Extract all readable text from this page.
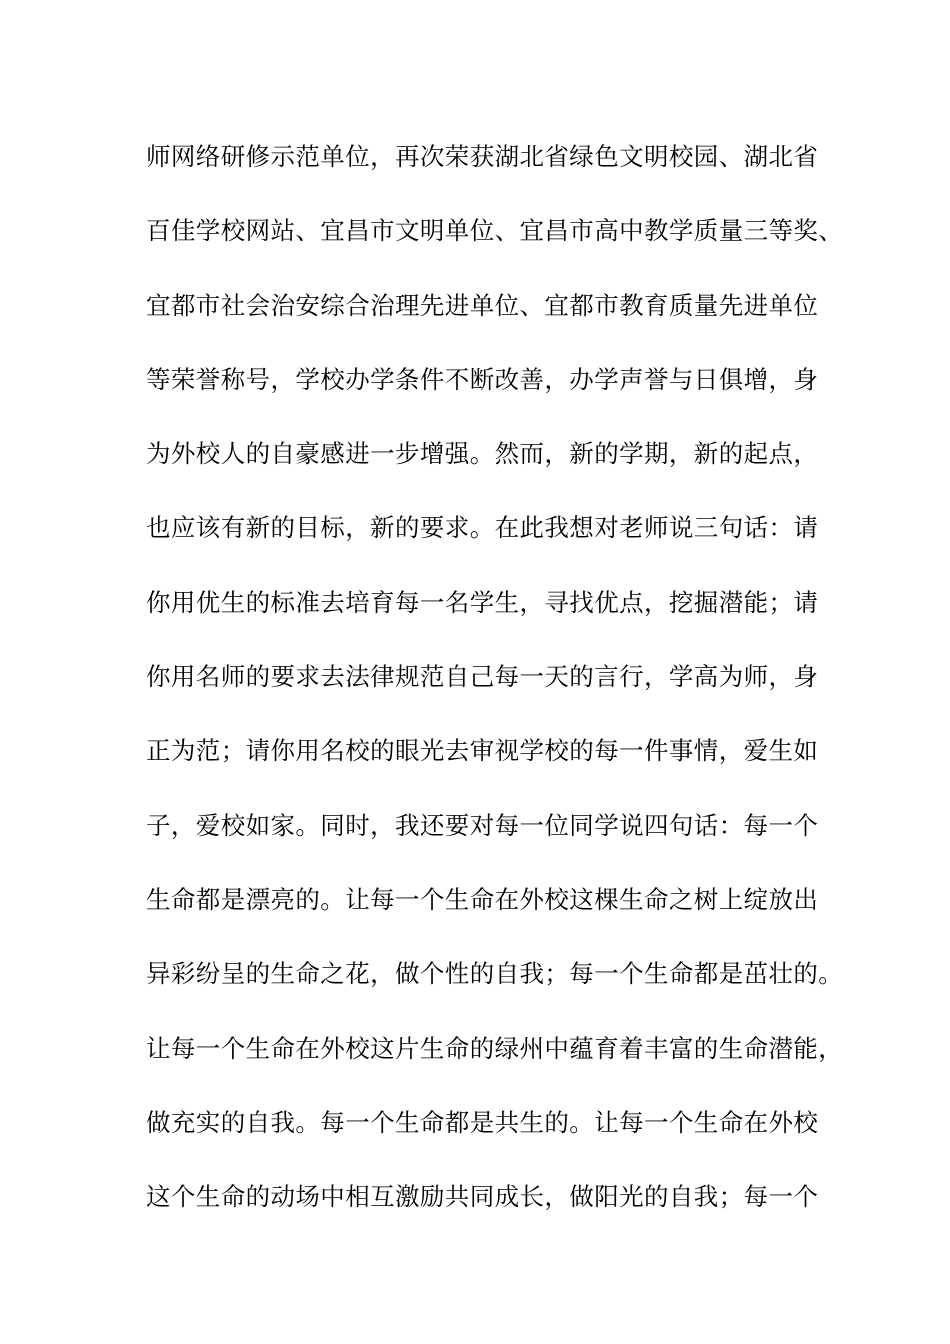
师网络研修示范单位，再次荣获湖北省绿色文明校园、湖北省
百佳学校网站、宜昌市文明单位、宜昌市高中教学质量三等奖、
宜都市社会治安综合治理先进单位、宜都市教育质量先进单位
等荣誉称号，学校办学条件不断改善，办学声誉与日俱增，身
为外校人的自豪感进一步增强。然而，新的学期，新的起点，
也应该有新的目标，新的要求。在此我想对老师说三句话：请
你用优生的标准去培育每一名学生，寻找优点，挖掘潜能；请
你用名师的要求去法律规范自己每一天的言行，学高为师，身
正为范；请你用名校的眼光去审视学校的每一件事情，爱生如
子，爱校如家。同时，我还要对每一位同学说四句话：每一个
生命都是漂亮的。让每一个生命在外校这棵生命之树上绽放出
异彩纷呈的生命之花，做个性的自我；每一个生命都是茁壮的。
让每一个生命在外校这片生命的绿州中蕴育着丰富的生命潜能，
做充实的自我。每一个生命都是共生的。让每一个生命在外校
这个生命的动场中相互激励共同成长，做阳光的自我；每一个
